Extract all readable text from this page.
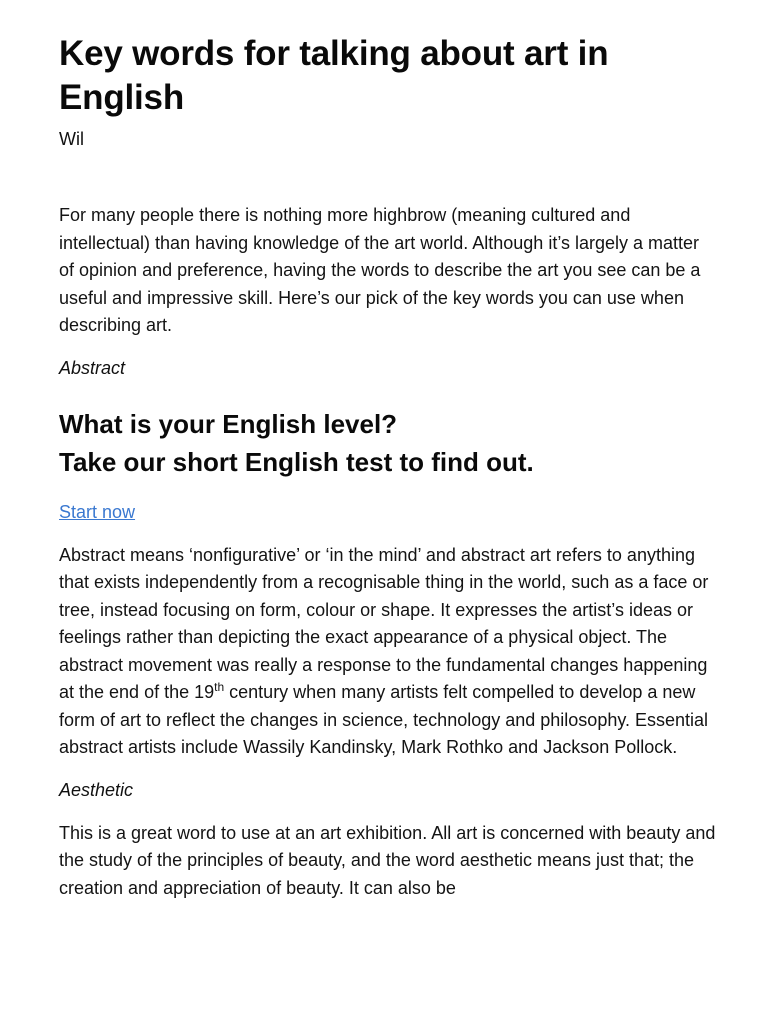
Key words for talking about art in English

Wil

For many people there is nothing more highbrow (meaning cultured and intellectual) than having knowledge of the art world. Although it’s largely a matter of opinion and preference, having the words to describe the art you see can be a useful and impressive skill. Here’s our pick of the key words you can use when describing art.

Abstract

What is your English level?
Take our short English test to find out.
Start now

Abstract means ‘nonfigurative’ or ‘in the mind’ and abstract art refers to anything that exists independently from a recognisable thing in the world, such as a face or tree, instead focusing on form, colour or shape. It expresses the artist’s ideas or feelings rather than depicting the exact appearance of a physical object. The abstract movement was really a response to the fundamental changes happening at the end of the 19th century when many artists felt compelled to develop a new form of art to reflect the changes in science, technology and philosophy. Essential abstract artists include Wassily Kandinsky, Mark Rothko and Jackson Pollock.

Aesthetic

This is a great word to use at an art exhibition. All art is concerned with beauty and the study of the principles of beauty, and the word aesthetic means just that; the creation and appreciation of beauty. It can also be
